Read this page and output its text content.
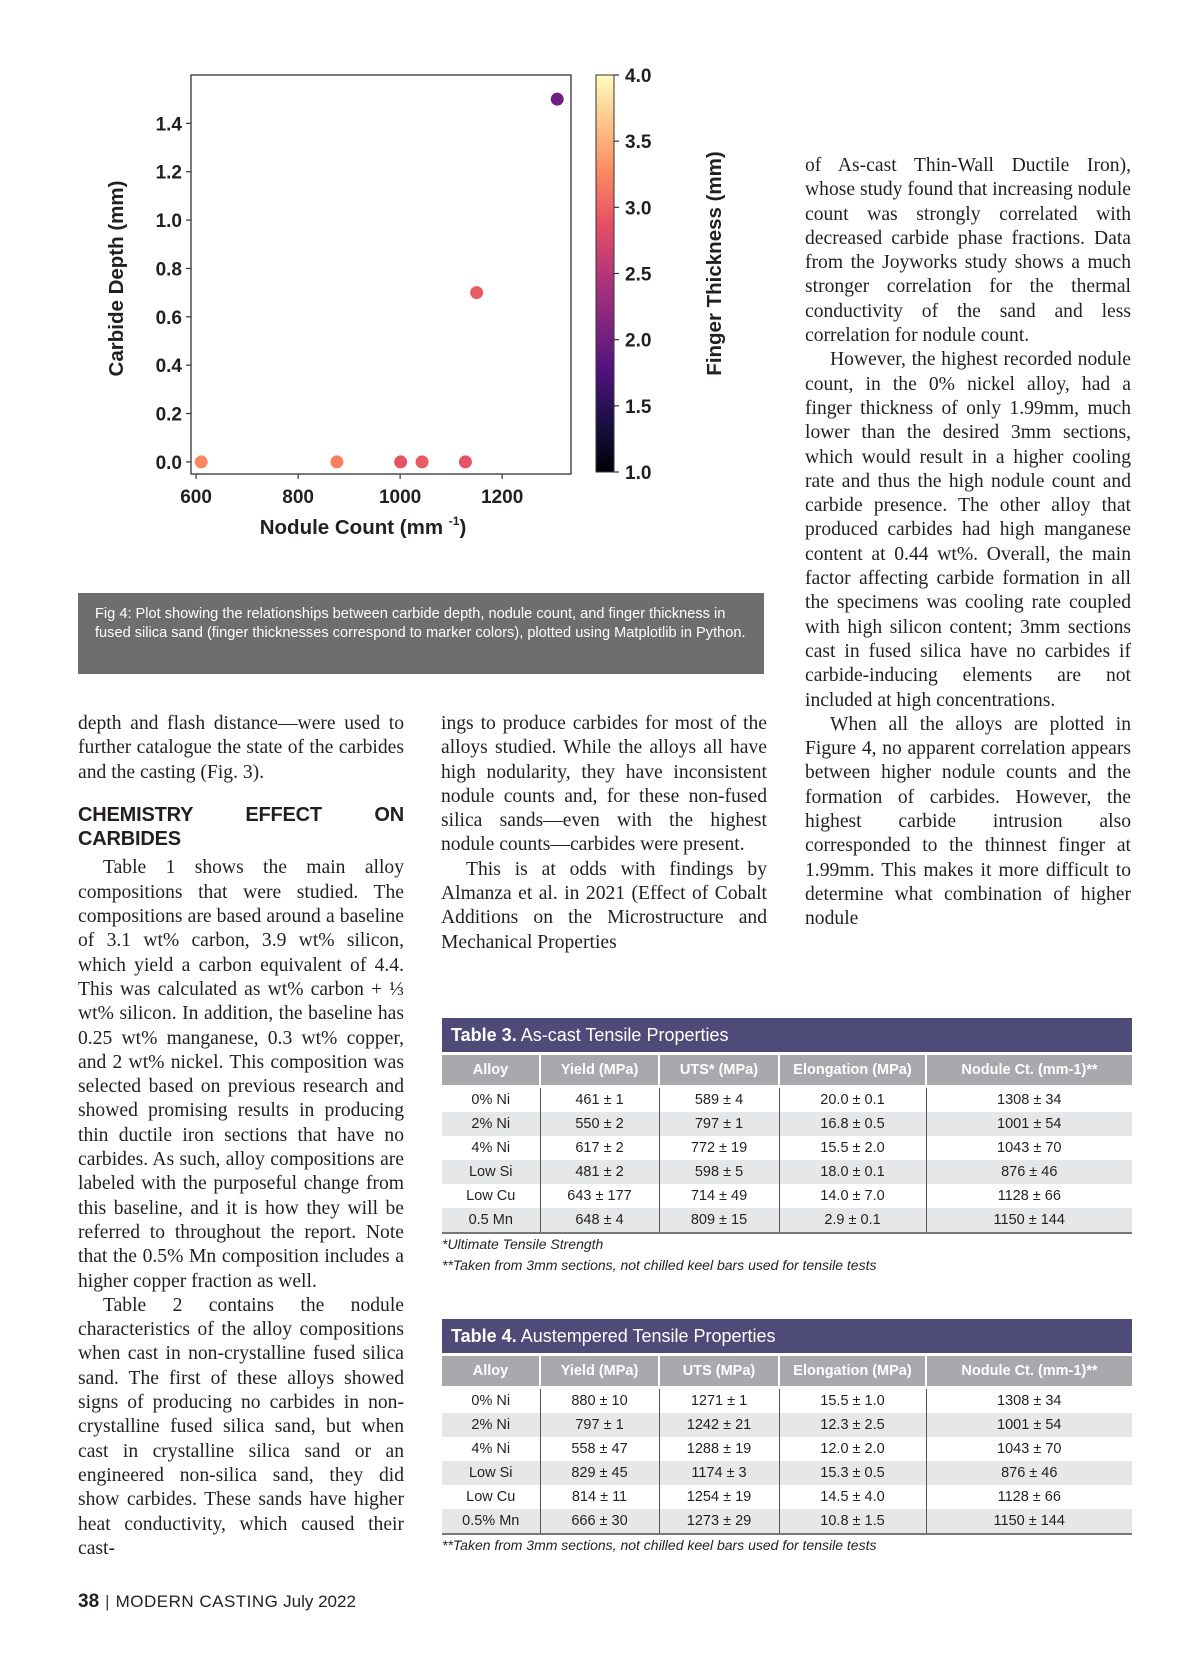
600	800	1000	1200
0.0
0.2
0.4
0.6
0.8
1.0
1.2
1.4
Nodule Count (mm $^{-1}$)
Carbide Depth (mm)
1.0
1.5
2.0
2.5
3.0
3.5
4.0
Finger Thickness (mm)
Fig 4: Plot showing the relationships between carbide depth, nodule count, and finger thickness in fused silica sand (finger thicknesses correspond to marker colors), plotted using Matplotlib in Python.

depth and flash distance—were used to further catalogue the state of the carbides and the casting (Fig. 3).

CHEMISTRY EFFECT ON CARBIDES

Table 1 shows the main alloy compositions that were studied. The compositions are based around a baseline of 3.1 wt% carbon, 3.9 wt% silicon, which yield a carbon equivalent of 4.4. This was calculated as wt% carbon + ⅓ wt% silicon. In addition, the baseline has 0.25 wt% manganese, 0.3 wt% copper, and 2 wt% nickel. This composition was selected based on previous research and showed promising results in producing thin ductile iron sections that have no carbides. As such, alloy compositions are labeled with the purposeful change from this baseline, and it is how they will be referred to throughout the report. Note that the 0.5% Mn composition includes a higher copper fraction as well.

Table 2 contains the nodule characteristics of the alloy compositions when cast in non-crystalline fused silica sand. The first of these alloys showed signs of producing no carbides in non-crystalline fused silica sand, but when cast in crystalline silica sand or an engineered non-silica sand, they did show carbides. These sands have higher heat conductivity, which caused their cast-

ings to produce carbides for most of the alloys studied. While the alloys all have high nodularity, they have inconsistent nodule counts and, for these non-fused silica sands—even with the highest nodule counts—carbides were present.

This is at odds with findings by Almanza et al. in 2021 (Effect of Cobalt Additions on the Microstructure and Mechanical Properties

of As-cast Thin-Wall Ductile Iron), whose study found that increasing nodule count was strongly correlated with decreased carbide phase fractions. Data from the Joyworks study shows a much stronger correlation for the thermal conductivity of the sand and less correlation for nodule count.

However, the highest recorded nodule count, in the 0% nickel alloy, had a finger thickness of only 1.99mm, much lower than the desired 3mm sections, which would result in a higher cooling rate and thus the high nodule count and carbide presence. The other alloy that produced carbides had high manganese content at 0.44 wt%. Overall, the main factor affecting carbide formation in all the specimens was cooling rate coupled with high silicon content; 3mm sections cast in fused silica have no carbides if carbide-inducing elements are not included at high concentrations.

When all the alloys are plotted in Figure 4, no apparent correlation appears between higher nodule counts and the formation of carbides. However, the highest carbide intrusion also corresponded to the thinnest finger at 1.99mm. This makes it more difficult to determine what combination of higher nodule

Table 3. As-cast Tensile Properties
Alloy	Yield (MPa)	UTS* (MPa)	Elongation (MPa)	Nodule Ct. (mm-1)**
0% Ni	461 ± 1	589 ± 4	20.0 ± 0.1	1308 ± 34
2% Ni	550 ± 2	797 ± 1	16.8 ± 0.5	1001 ± 54
4% Ni	617 ± 2	772 ± 19	15.5 ± 2.0	1043 ± 70
Low Si	481 ± 2	598 ± 5	18.0 ± 0.1	876 ± 46
Low Cu	643 ± 177	714 ± 49	14.0 ± 7.0	1128 ± 66
0.5 Mn	648 ± 4	809 ± 15	2.9 ± 0.1	1150 ± 144
*Ultimate Tensile Strength
**Taken from 3mm sections, not chilled keel bars used for tensile tests
Table 4. Austempered Tensile Properties
Alloy	Yield (MPa)	UTS (MPa)	Elongation (MPa)	Nodule Ct. (mm-1)**
0% Ni	880 ± 10	1271 ± 1	15.5 ± 1.0	1308 ± 34
2% Ni	797 ± 1	1242 ± 21	12.3 ± 2.5	1001 ± 54
4% Ni	558 ± 47	1288 ± 19	12.0 ± 2.0	1043 ± 70
Low Si	829 ± 45	1174 ± 3	15.3 ± 0.5	876 ± 46
Low Cu	814 ± 11	1254 ± 19	14.5 ± 4.0	1128 ± 66
0.5% Mn	666 ± 30	1273 ± 29	10.8 ± 1.5	1150 ± 144
**Taken from 3mm sections, not chilled keel bars used for tensile tests
38 | MODERN CASTING July 2022
